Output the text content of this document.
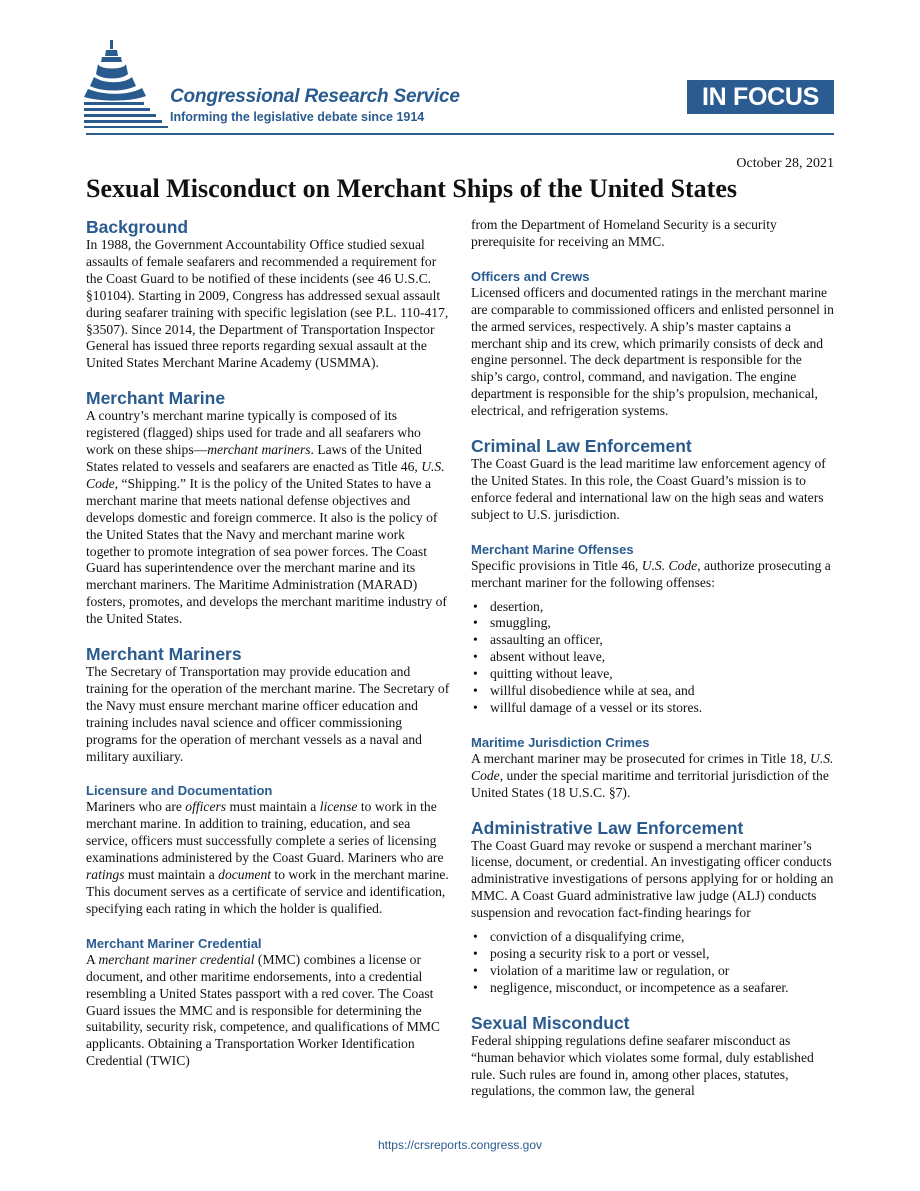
Congressional Research Service
Informing the legislative debate since 1914
IN FOCUS
October 28, 2021
Sexual Misconduct on Merchant Ships of the United States
Background

In 1988, the Government Accountability Office studied sexual assaults of female seafarers and recommended a requirement for the Coast Guard to be notified of these incidents (see 46 U.S.C. §10104). Starting in 2009, Congress has addressed sexual assault during seafarer training with specific legislation (see P.L. 110-417, §3507). Since 2014, the Department of Transportation Inspector General has issued three reports regarding sexual assault at the United States Merchant Marine Academy (USMMA).

Merchant Marine

A country’s merchant marine typically is composed of its registered (flagged) ships used for trade and all seafarers who work on these ships—merchant mariners. Laws of the United States related to vessels and seafarers are enacted as Title 46, U.S. Code, “Shipping.” It is the policy of the United States to have a merchant marine that meets national defense objectives and develops domestic and foreign commerce. It also is the policy of the United States that the Navy and merchant marine work together to promote integration of sea power forces. The Coast Guard has superintendence over the merchant marine and its merchant mariners. The Maritime Administration (MARAD) fosters, promotes, and develops the merchant maritime industry of the United States.

Merchant Mariners

The Secretary of Transportation may provide education and training for the operation of the merchant marine. The Secretary of the Navy must ensure merchant marine officer education and training includes naval science and officer commissioning programs for the operation of merchant vessels as a naval and military auxiliary.

Licensure and Documentation

Mariners who are officers must maintain a license to work in the merchant marine. In addition to training, education, and sea service, officers must successfully complete a series of licensing examinations administered by the Coast Guard. Mariners who are ratings must maintain a document to work in the merchant marine. This document serves as a certificate of service and identification, specifying each rating in which the holder is qualified.

Merchant Mariner Credential

A merchant mariner credential (MMC) combines a license or document, and other maritime endorsements, into a credential resembling a United States passport with a red cover. The Coast Guard issues the MMC and is responsible for determining the suitability, security risk, competence, and qualifications of MMC applicants. Obtaining a Transportation Worker Identification Credential (TWIC)

from the Department of Homeland Security is a security prerequisite for receiving an MMC.

Officers and Crews

Licensed officers and documented ratings in the merchant marine are comparable to commissioned officers and enlisted personnel in the armed services, respectively. A ship’s master captains a merchant ship and its crew, which primarily consists of deck and engine personnel. The deck department is responsible for the ship’s cargo, control, command, and navigation. The engine department is responsible for the ship’s propulsion, mechanical, electrical, and refrigeration systems.

Criminal Law Enforcement

The Coast Guard is the lead maritime law enforcement agency of the United States. In this role, the Coast Guard’s mission is to enforce federal and international law on the high seas and waters subject to U.S. jurisdiction.

Merchant Marine Offenses

Specific provisions in Title 46, U.S. Code, authorize prosecuting a merchant mariner for the following offenses:

• desertion,
• smuggling,
• assaulting an officer,
• absent without leave,
• quitting without leave,
• willful disobedience while at sea, and
• willful damage of a vessel or its stores.
Maritime Jurisdiction Crimes

A merchant mariner may be prosecuted for crimes in Title 18, U.S. Code, under the special maritime and territorial jurisdiction of the United States (18 U.S.C. §7).

Administrative Law Enforcement

The Coast Guard may revoke or suspend a merchant mariner’s license, document, or credential. An investigating officer conducts administrative investigations of persons applying for or holding an MMC. A Coast Guard administrative law judge (ALJ) conducts suspension and revocation fact-finding hearings for

• conviction of a disqualifying crime,
• posing a security risk to a port or vessel,
• violation of a maritime law or regulation, or
• negligence, misconduct, or incompetence as a seafarer.
Sexual Misconduct

Federal shipping regulations define seafarer misconduct as “human behavior which violates some formal, duly established rule. Such rules are found in, among other places, statutes, regulations, the common law, the general

https://crsreports.congress.gov
